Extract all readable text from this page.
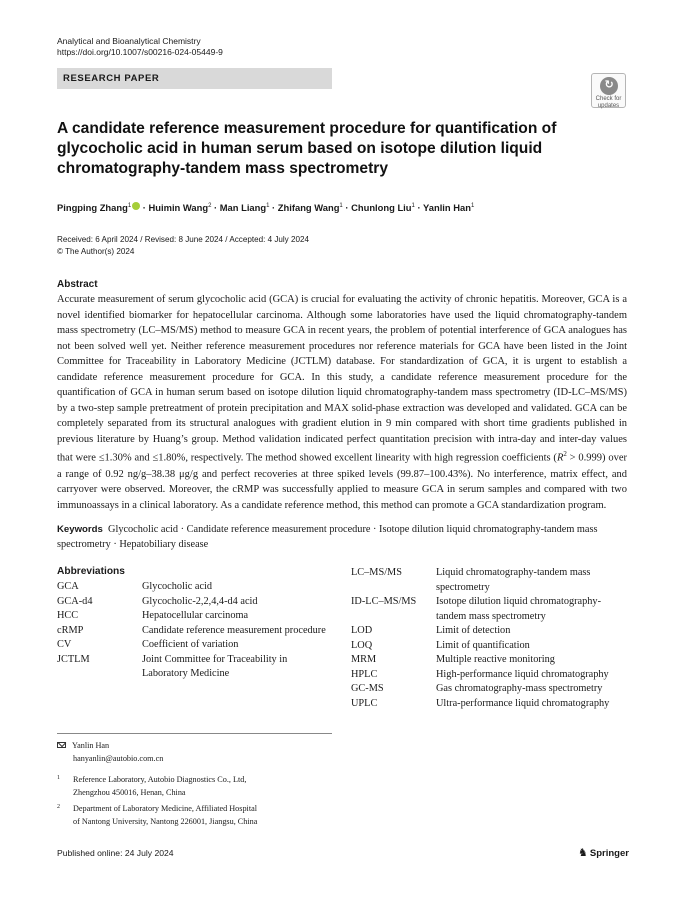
Analytical and Bioanalytical Chemistry
https://doi.org/10.1007/s00216-024-05449-9
RESEARCH PAPER
↻
Check for
updates
A candidate reference measurement procedure for quantification of glycocholic acid in human serum based on isotope dilution liquid chromatography-tandem mass spectrometry
Pingping Zhang$^1$ · Huimin Wang$^2$ · Man Liang$^1$ · Zhifang Wang$^1$ · Chunlong Liu$^1$ · Yanlin Han$^1$
Received: 6 April 2024 / Revised: 8 June 2024 / Accepted: 4 July 2024
© The Author(s) 2024
Abstract
Accurate measurement of serum glycocholic acid (GCA) is crucial for evaluating the activity of chronic hepatitis. Moreover, GCA is a novel identified biomarker for hepatocellular carcinoma. Although some laboratories have used the liquid chromatography-tandem mass spectrometry (LC–MS/MS) method to measure GCA in recent years, the problem of potential interference of GCA analogues has not been solved well yet. Neither reference measurement procedures nor reference materials for GCA have been listed in the Joint Committee for Traceability in Laboratory Medicine (JCTLM) database. For standardization of GCA, it is urgent to establish a candidate reference measurement procedure for GCA. In this study, a candidate reference measurement procedure for the quantification of GCA in human serum based on isotope dilution liquid chromatography-tandem mass spectrometry (ID-LC–MS/MS) by a two-step sample pretreatment of protein precipitation and MAX solid-phase extraction was developed and validated. GCA can be completely separated from its structural analogues with gradient elution in 9 min compared with short time gradients published in previous literature by Huang’s group. Method validation indicated perfect quantitation precision with intra-day and inter-day values that were ≤1.30% and ≤1.80%, respectively. The method showed excellent linearity with high regression coefficients $(R^2 > 0.999)$ over a range of 0.92 ng/g–38.38 μg/g and perfect recoveries at three spiked levels (99.87–100.43%). No interference, matrix effect, and carryover were observed. Moreover, the cRMP was successfully applied to measure GCA in serum samples and compared with two immunoassays in a clinical laboratory. As a candidate reference method, this method can promote a GCA standardization program.
Keywords Glycocholic acid · Candidate reference measurement procedure · Isotope dilution liquid chromatography-tandem mass spectrometry · Hepatobiliary disease
Abbreviations
GCA	Glycocholic acid
GCA-d4	Glycocholic-2,2,4,4-d4 acid
HCC	Hepatocellular carcinoma
cRMP	Candidate reference measurement procedure
CV	Coefficient of variation
JCTLM	Joint Committee for Traceability in Laboratory Medicine
LC–MS/MS	Liquid chromatography-tandem mass spectrometry
ID-LC–MS/MS	Isotope dilution liquid chromatography-tandem mass spectrometry
LOD	Limit of detection
LOQ	Limit of quantification
MRM	Multiple reactive monitoring
HPLC	High-performance liquid chromatography
GC-MS	Gas chromatography-mass spectrometry
UPLC	Ultra-performance liquid chromatography
Yanlin Han
hanyanlin@autobio.com.cn
1 Reference Laboratory, Autobio Diagnostics Co., Ltd,
Zhengzhou 450016, Henan, China
2 Department of Laboratory Medicine, Affiliated Hospital
of Nantong University, Nantong 226001, Jiangsu, China
Published online: 24 July 2024	♞ Springer
